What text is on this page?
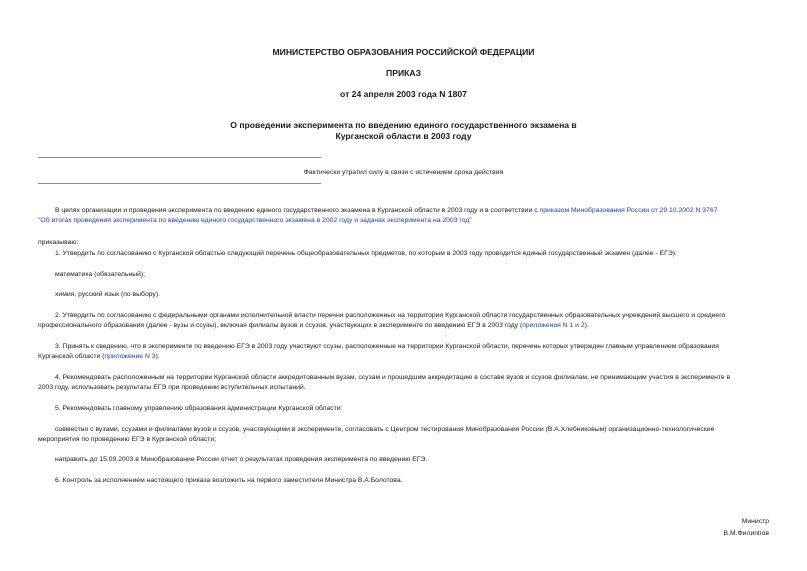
МИНИСТЕРСТВО ОБРАЗОВАНИЯ РОССИЙСКОЙ ФЕДЕРАЦИИ
ПРИКАЗ
от 24 апреля 2003 года N 1807
О проведении эксперимента по введению единого государственного экзамена в
Курганской области в 2003 году
Фактически утратил силу в связи с истечением срока действия
В целях организации и проведения эксперимента по введению единого государственного экзамена в Курганской области в 2003 году и в соответствии с приказом Минобразования России от 29.10.2002 N 3767
"Об итогах проведения эксперимента по введению единого государственного экзамена в 2002 году и задачах эксперимента на 2003 год"
приказываю:
1. Утвердить по согласованию с Курганской областью следующий перечень общеобразовательных предметов, по которым в 2003 году проводится единый государственный экзамен (далее - ЕГЭ):
математика (обязательный);
химия, русский язык (по выбору).
2. Утвердить по согласованию с федеральными органами исполнительной власти перечни расположенных на территории Курганской области государственных образовательных учреждений высшего и среднего
профессионального образования (далее - вузы и ссузы), включая филиалы вузов и ссузов, участвующих в эксперименте по введению ЕГЭ в 2003 году (приложения N 1 и 2).
3. Принять к сведению, что в эксперименте по введению ЕГЭ в 2003 году участвуют ссузы, расположенные на территории Курганской области, перечень которых утвержден главным управлением образования
Курганской области (приложение N 3).
4. Рекомендовать расположенным на территории Курганской области аккредитованным вузам, ссузам и прошедшим аккредитацию в составе вузов и ссузов филиалам, не принимающим участия в эксперименте в
2003 году, использовать результаты ЕГЭ при проведении вступительных испытаний.
5. Рекомендовать главному управлению образования администрации Курганской области:
совместно с вузами, ссузами и филиалами вузов и ссузов, участвующими в эксперименте, согласовать с Центром тестирования Минобразования России (В.А.Хлебниковым) организационно-технологические
мероприятия по проведению ЕГЭ в Курганской области;
направить до 15.09.2003 в Минобразование России отчет о результатах проведения эксперимента по введению ЕГЭ.
6. Контроль за исполнением настоящего приказа возложить на первого заместителя Министра В.А.Болотова.
Министр
В.М.Филиппов
